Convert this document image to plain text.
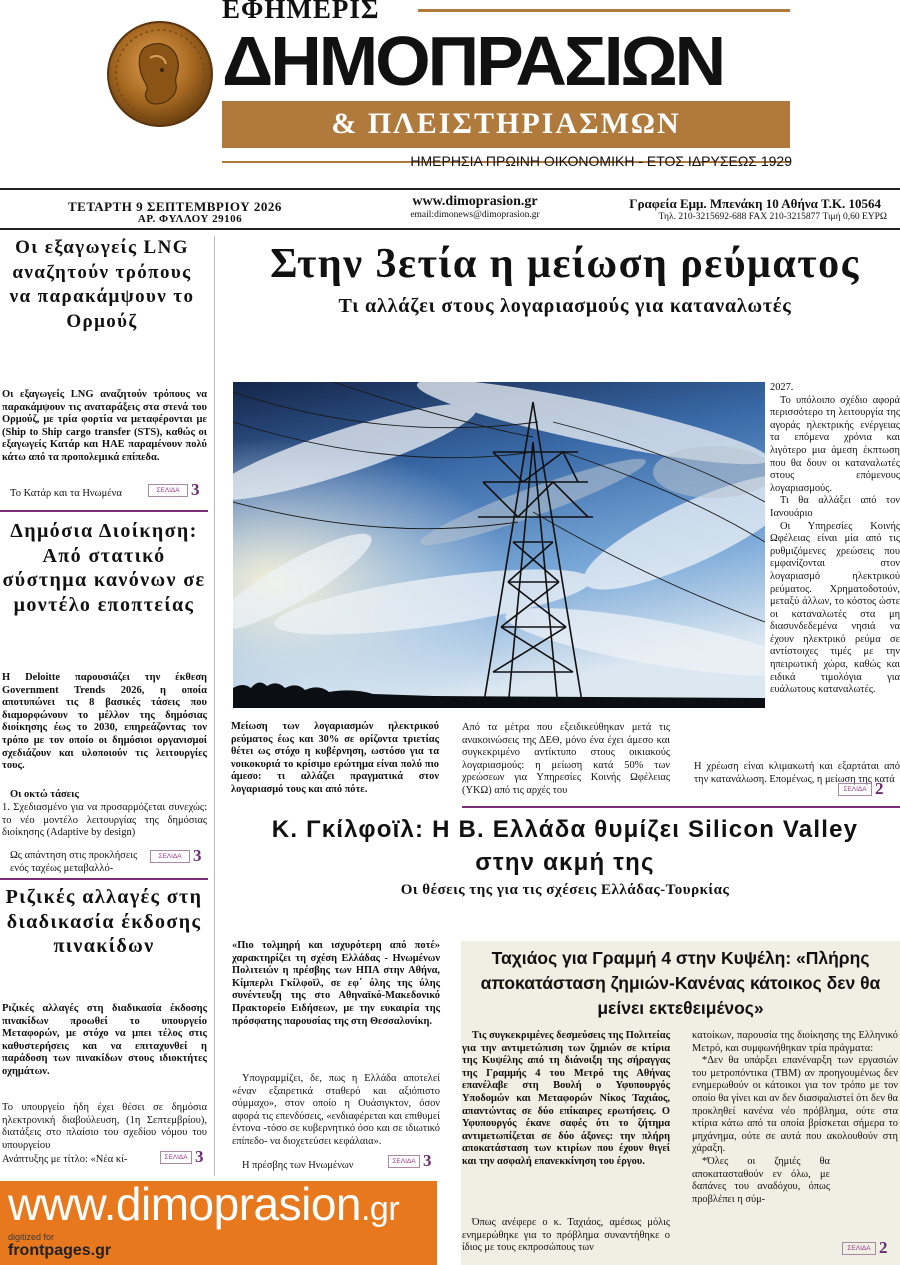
ΕΦΗΜΕΡΙΣ
ΔΗΜΟΠΡΑΣΙΩΝ
& ΠΛΕΙΣΤΗΡΙΑΣΜΩΝ
ΗΜΕΡΗΣΙΑ ΠΡΩΙΝΗ ΟΙΚΟΝΟΜΙΚΗ - ΕΤΟΣ ΙΔΡΥΣΕΩΣ 1929
ΤΕΤΑΡΤΗ 9 ΣΕΠΤΕΜΒΡΙΟΥ 2026
ΑΡ. ΦΥΛΛΟΥ 29106
www.dimoprasion.gr
email:dimonews@dimoprasion.gr
Γραφεία Εμμ. Μπενάκη 10 Αθήνα Τ.Κ. 10564
Τηλ. 210-3215692-688 FAX 210-3215877 Τιμή 0,60 ΕΥΡΩ
Οι εξαγωγείς LNG αναζητούν τρόπους να παρακάμψουν το Ορμούζ
Οι εξαγωγείς LNG αναζητούν τρόπους να παρακάμψουν τις αναταράξεις στα στενά του Ορμούζ, με τρία φορτία να μεταφέρονται με (Ship to Ship cargo transfer (STS), καθώς οι εξαγωγείς Κατάρ και ΗΑΕ παραμένουν πολύ κάτω από τα προπολεμικά επίπεδα.
Το Κατάρ και τα Ηνωμένα	ΣΕΛΙΔΑ 3
Δημόσια Διοίκηση: Από στατικό σύστημα κανόνων σε μοντέλο εποπτείας
Η Deloitte παρουσιάζει την έκθεση Government Trends 2026, η οποία αποτυπώνει τις 8 βασικές τάσεις που διαμορφώνουν το μέλλον της δημόσιας διοίκησης έως το 2030, επηρεάζοντας τον τρόπο με τον οποίο οι δημόσιοι οργανισμοί σχεδιάζουν και υλοποιούν τις λειτουργίες τους.
Οι οκτώ τάσεις
1. Σχεδιασμένο για να προσαρμόζεται συνεχώς: το νέο μοντέλο λειτουργίας της δημόσιας διοίκησης (Adaptive by design)
Ως απάντηση στις προκλήσεις ενός ταχέως μεταβαλλό-
ΣΕΛΙΔΑ 3
Ριζικές αλλαγές στη διαδικασία έκδοσης πινακίδων
Ριζικές αλλαγές στη διαδικασία έκδοσης πινακίδων προωθεί το υπουργείο Μεταφορών, με στόχο να μπει τέλος στις καθυστερήσεις και να επιταχυνθεί η παράδοση των πινακίδων στους ιδιοκτήτες οχημάτων.
Το υπουργείο ήδη έχει θέσει σε δημόσια ηλεκτρονική διαβούλευση, (1η Σεπτεμβρίου), διατάξεις στο πλαίσιο του σχεδίου νόμου του υπουργείου
Ανάπτυξης με τίτλο: «Νέα κί-	ΣΕΛΙΔΑ 3
Στην 3ετία η μείωση ρεύματος
Τι αλλάζει στους λογαριασμούς για καταναλωτές
Μείωση των λογαριασμών ηλεκτρικού ρεύματος έως και 30% σε ορίζοντα τριετίας θέτει ως στόχο η κυβέρνηση, ωστόσο για τα νοικοκυριά το κρίσιμο ερώτημα είναι πολύ πιο άμεσο: τι αλλάζει πραγματικά στον λογαριασμό τους και από πότε.
Από τα μέτρα που εξειδικεύθηκαν μετά τις ανακοινώσεις της ΔΕΘ, μόνο ένα έχει άμεσο και συγκεκριμένο αντίκτυπο στους οικιακούς λογαριασμούς: η μείωση κατά 50% των χρεώσεων για Υπηρεσίες Κοινής Ωφέλειας (ΥΚΩ) από τις αρχές του

2027.

Το υπόλοιπο σχέδιο αφορά περισσότερο τη λειτουργία της αγοράς ηλεκτρικής ενέργειας τα επόμενα χρόνια και λιγότερο μια άμεση έκπτωση που θα δουν οι καταναλωτές στους επόμενους λογαριασμούς.

Τι θα αλλάξει από τον Ιανουάριο

Οι Υπηρεσίες Κοινής Ωφέλειας είναι μία από τις ρυθμιζόμενες χρεώσεις που εμφανίζονται στον λογαριασμό ηλεκτρικού ρεύματος. Χρηματοδοτούν, μεταξύ άλλων, το κόστος ώστε οι καταναλωτές στα μη διασυνδεδεμένα νησιά να έχουν ηλεκτρικό ρεύμα σε αντίστοιχες τιμές με την ηπειρωτική χώρα, καθώς και ειδικά τιμολόγια για ευάλωτους καταναλωτές.

Η χρέωση είναι κλιμακωτή και εξαρτάται από την κατανάλωση. Επομένως, η μείωση της κατά
ΣΕΛΙΔΑ 2
Κ. Γκίλφοϊλ: Η Β. Ελλάδα θυμίζει Silicon Valley στην ακμή της
Οι θέσεις της για τις σχέσεις Ελλάδας-Τουρκίας
«Πιο τολμηρή και ισχυρότερη από ποτέ» χαρακτηρίζει τη σχέση Ελλάδας - Ηνωμένων Πολιτειών η πρέσβης των ΗΠΑ στην Αθήνα, Κίμπερλι Γκίλφοϊλ, σε εφ΄ όλης της ύλης συνέντευξη της στο Αθηναϊκό-Μακεδονικό Πρακτορείο Ειδήσεων, με την ευκαιρία της πρόσφατης παρουσίας της στη Θεσσαλονίκη.
Υπογραμμίζει, δε, πως η Ελλάδα αποτελεί «έναν εξαιρετικά σταθερό και αξιόπιστο σύμμαχο», στον οποίο η Ουάσιγκτον, όσον αφορά τις επενδύσεις, «ενδιαφέρεται και επιθυμεί έντονα -τόσο σε κυβερνητικό όσο και σε ιδιωτικό επίπεδο- να διοχετεύσει κεφάλαια».
Η πρέσβης των Ηνωμένων	ΣΕΛΙΔΑ 3
Ταχιάος για Γραμμή 4 στην Κυψέλη: «Πλήρης αποκατάσταση ζημιών-Κανένας κάτοικος δεν θα μείνει εκτεθειμένος»
Τις συγκεκριμένες δεσμεύσεις της Πολιτείας για την αντιμετώπιση των ζημιών σε κτίρια της Κυψέλης από τη διάνοιξη της σήραγγας της Γραμμής 4 του Μετρό της Αθήνας επανέλαβε στη Βουλή ο Υφυπουργός Υποδομών και Μεταφορών Νίκος Ταχιάος, απαντώντας σε δύο επίκαιρες ερωτήσεις. Ο Υφυπουργός έκανε σαφές ότι το ζήτημα αντιμετωπίζεται σε δύο άξονες: την πλήρη αποκατάσταση των κτιρίων που έχουν θιγεί και την ασφαλή επανεκκίνηση του έργου.
Όπως ανέφερε ο κ. Ταχιάος, αμέσως μόλις ενημερώθηκε για το πρόβλημα συναντήθηκε ο ίδιος με τους εκπροσώπους των

κατοίκων, παρουσία της διοίκησης της Ελληνικό Μετρό, και συμφωνήθηκαν τρία πράγματα:

*Δεν θα υπάρξει επανέναρξη των εργασιών του μετροπόντικα (ΤΒΜ) αν προηγουμένως δεν ενημερωθούν οι κάτοικοι για τον τρόπο με τον οποίο θα γίνει και αν δεν διασφαλιστεί ότι δεν θα προκληθεί κανένα νέο πρόβλημα, ούτε στα κτίρια κάτω από τα οποία βρίσκεται σήμερα το μηχάνημα, ούτε σε αυτά που ακολουθούν στη χάραξη.

*Όλες οι ζημιές θα αποκατασταθούν εν όλω, με δαπάνες του αναδόχου, όπως προβλέπει η σύμ-

ΣΕΛΙΔΑ 2
www.dimoprasion.gr
digitized for
frontpages.gr
